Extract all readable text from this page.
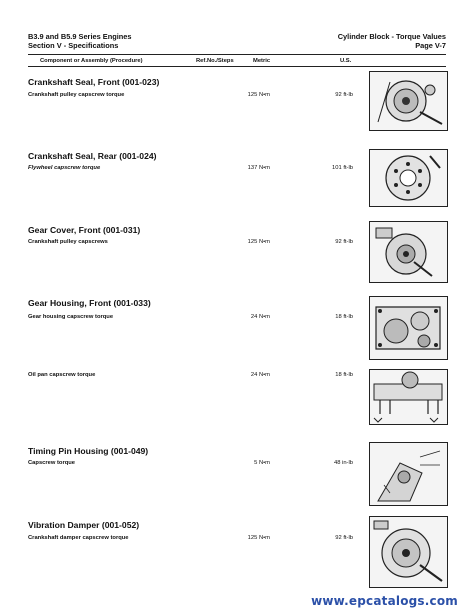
B3.9 and B5.9 Series Engines
Section V - Specifications
Cylinder Block - Torque Values
Page V-7
Component or Assembly (Procedure)	Ref.No./Steps	Metric	U.S.
Crankshaft Seal, Front (001-023)
Crankshaft pulley capscrew torque	125 N•m	92 ft-lb
Crankshaft Seal, Rear (001-024)
Flywheel capscrew torque	137 N•m	101 ft-lb
Gear Cover, Front (001-031)
Crankshaft pulley capscrews	125 N•m	92 ft-lb
Gear Housing, Front (001-033)
Gear housing capscrew torque	24 N•m	18 ft-lb
Oil pan capscrew torque	24 N•m	18 ft-lb
Timing Pin Housing (001-049)
Capscrew torque	5 N•m	48 in-lb
Vibration Damper (001-052)
Crankshaft damper capscrew torque	125 N•m	92 ft-lb
www.epcatalogs.com
